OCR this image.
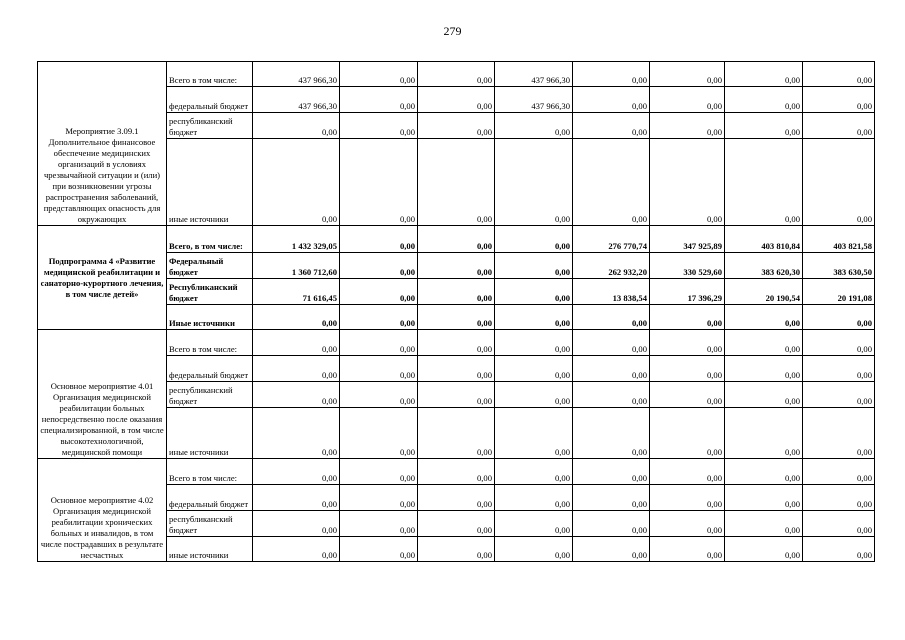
279
Мероприятие 3.09.1 Дополнительное финансовое обеспечение медицинских организаций в условиях чрезвычайной ситуации и (или) при возникновении угрозы распространения заболеваний, представляющих опасность для окружающих	Всего в том числе:	437 966,30	0,00	0,00	437 966,30	0,00	0,00	0,00	0,00
	федеральный бюджет	437 966,30	0,00	0,00	437 966,30	0,00	0,00	0,00	0,00
	республиканский бюджет	0,00	0,00	0,00	0,00	0,00	0,00	0,00	0,00
	иные источники	0,00	0,00	0,00	0,00	0,00	0,00	0,00	0,00
Подпрограмма 4 «Развитие медицинской реабилитации и санаторно-курортного лечения, в том числе детей»	Всего, в том числе:	1 432 329,05	0,00	0,00	0,00	276 770,74	347 925,89	403 810,84	403 821,58
	Федеральный бюджет	1 360 712,60	0,00	0,00	0,00	262 932,20	330 529,60	383 620,30	383 630,50
	Республиканский бюджет	71 616,45	0,00	0,00	0,00	13 838,54	17 396,29	20 190,54	20 191,08
	Иные источники	0,00	0,00	0,00	0,00	0,00	0,00	0,00	0,00
Основное мероприятие 4.01 Организация медицинской реабилитации больных непосредственно после оказания специализированной, в том числе высокотехнологичной, медицинской помощи	Всего в том числе:	0,00	0,00	0,00	0,00	0,00	0,00	0,00	0,00
	федеральный бюджет	0,00	0,00	0,00	0,00	0,00	0,00	0,00	0,00
	республиканский бюджет	0,00	0,00	0,00	0,00	0,00	0,00	0,00	0,00
	иные источники	0,00	0,00	0,00	0,00	0,00	0,00	0,00	0,00
Основное мероприятие 4.02 Организация медицинской реабилитации хронических больных и инвалидов, в том числе пострадавших в результате несчастных	Всего в том числе:	0,00	0,00	0,00	0,00	0,00	0,00	0,00	0,00
	федеральный бюджет	0,00	0,00	0,00	0,00	0,00	0,00	0,00	0,00
	республиканский бюджет	0,00	0,00	0,00	0,00	0,00	0,00	0,00	0,00
	иные источники	0,00	0,00	0,00	0,00	0,00	0,00	0,00	0,00
